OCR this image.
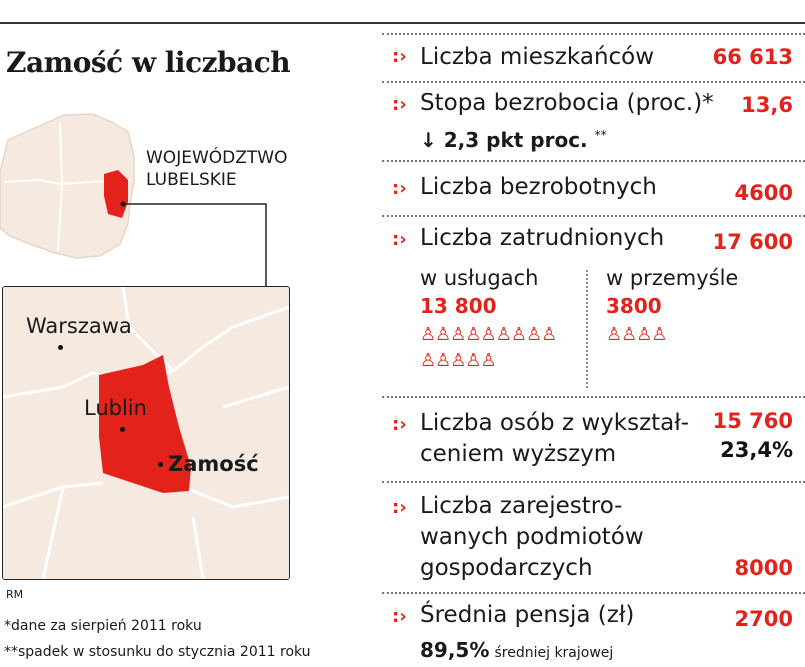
Zamość w liczbach
WOJEWÓDZTWO
LUBELSKIE
Warszawa
Lublin
Zamość
RM
*dane za sierpień 2011 roku
**spadek w stosunku do stycznia 2011 roku
:› Liczba mieszkańców	66 613
:› Stopa bezrobocia (proc.)* 13,6
↓ 2,3 pkt proc. **
:› Liczba bezrobotnych	4600
:› Liczba zatrudnionych 17 600
w usługach
13 800
♙♙♙♙♙♙♙♙♙
♙♙♙♙♙
w przemyśle
3800
♙♙♙♙
:› Liczba osób z wykształ-
ceniem wyższym
15 760
23,4%
:› Liczba zarejestro-
wanych podmiotów
gospodarczych	8000
:› Średnia pensja (zł)	2700
89,5% średniej krajowej
